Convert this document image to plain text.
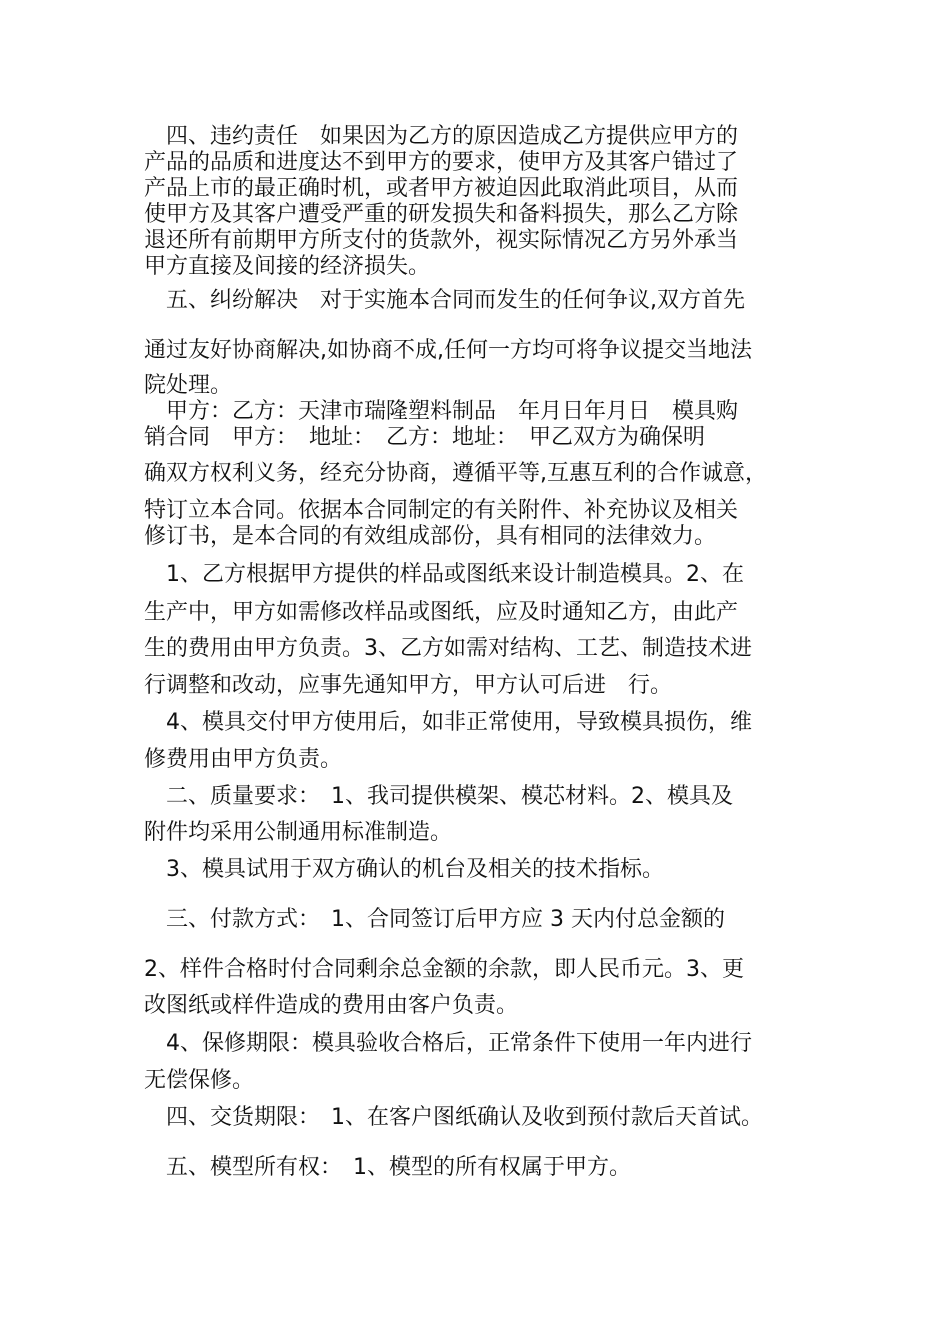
　四、违约责任　如果因为乙方的原因造成乙方提供应甲方的
产品的品质和进度达不到甲方的要求，使甲方及其客户错过了
产品上市的最正确时机，或者甲方被迫因此取消此项目，从而
使甲方及其客户遭受严重的研发损失和备料损失，那么乙方除
退还所有前期甲方所支付的货款外，视实际情况乙方另外承当
甲方直接及间接的经济损失。
　五、纠纷解决　对于实施本合同而发生的任何争议,双方首先
通过友好协商解决,如协商不成,任何一方均可将争议提交当地法
院处理。
　甲方：乙方：天津市瑞隆塑料制品　年月日年月日　模具购
销合同　甲方：　地址：　乙方：地址：　甲乙双方为确保明
确双方权利义务，经充分协商，遵循平等,互惠互利的合作诚意，
特订立本合同。依据本合同制定的有关附件、补充协议及相关
修订书，是本合同的有效组成部份，具有相同的法律效力。
　1、乙方根据甲方提供的样品或图纸来设计制造模具。2、在
生产中，甲方如需修改样品或图纸，应及时通知乙方，由此产
生的费用由甲方负责。3、乙方如需对结构、工艺、制造技术进
行调整和改动，应事先通知甲方，甲方认可后进　行。
　4、模具交付甲方使用后，如非正常使用，导致模具损伤，维
修费用由甲方负责。
　二、质量要求：　1、我司提供模架、模芯材料。2、模具及
附件均采用公制通用标准制造。
　3、模具试用于双方确认的机台及相关的技术指标。
　三、付款方式：　1、合同签订后甲方应 3 天内付总金额的
2、样件合格时付合同剩余总金额的余款，即人民币元。3、更
改图纸或样件造成的费用由客户负责。
　4、保修期限：模具验收合格后，正常条件下使用一年内进行
无偿保修。
　四、交货期限：　1、在客户图纸确认及收到预付款后天首试。
　五、模型所有权：　1、模型的所有权属于甲方。
